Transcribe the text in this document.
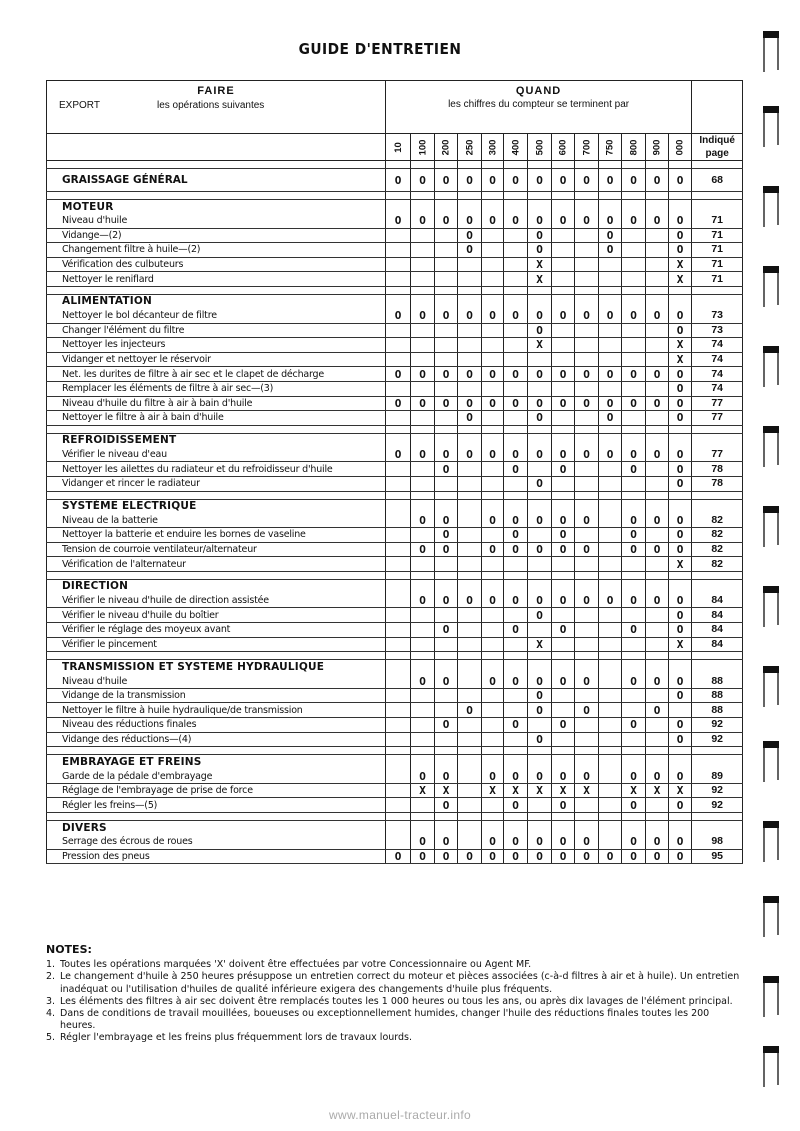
GUIDE D'ENTRETIEN
FAIRE
EXPORT les opérations suivantes	QUAND
les chiffres du compteur se terminent par													

	10	100	200	250	300	400	500	600	700	750	800	900	000	Indiqué
page

GRAISSAGE GÉNÉRAL	O	O	O	O	O	O	O	O	O	O	O	O	O	68

MOTEUR														
Niveau d'huile	O	O	O	O	O	O	O	O	O	O	O	O	O	71
Vidange—(2)				O			O			O			O	71
Changement filtre à huile—(2)				O			O			O			O	71
Vérification des culbuteurs							X						X	71
Nettoyer le reniflard							X						X	71

ALIMENTATION														
Nettoyer le bol décanteur de filtre	O	O	O	O	O	O	O	O	O	O	O	O	O	73
Changer l'élément du filtre							O						O	73
Nettoyer les injecteurs							X						X	74
Vidanger et nettoyer le réservoir													X	74
Net. les durites de filtre à air sec et le clapet de décharge	O	O	O	O	O	O	O	O	O	O	O	O	O	74
Remplacer les éléments de filtre à air sec—(3)													O	74
Niveau d'huile du filtre à air à bain d'huile	O	O	O	O	O	O	O	O	O	O	O	O	O	77
Nettoyer le filtre à air à bain d'huile				O			O			O			O	77

REFROIDISSEMENT														
Vérifier le niveau d'eau	O	O	O	O	O	O	O	O	O	O	O	O	O	77
Nettoyer les ailettes du radiateur et du refroidisseur d'huile			O			O		O			O		O	78
Vidanger et rincer le radiateur							O						O	78

SYSTÈME ELECTRIQUE														
Niveau de la batterie		O	O		O	O	O	O	O		O	O	O	82
Nettoyer la batterie et enduire les bornes de vaseline			O			O		O			O		O	82
Tension de courroie ventilateur/alternateur		O	O		O	O	O	O	O		O	O	O	82
Vérification de l'alternateur													X	82

DIRECTION														
Vérifier le niveau d'huile de direction assistée		O	O	O	O	O	O	O	O	O	O	O	O	84
Vérifier le niveau d'huile du boîtier							O						O	84
Vérifier le réglage des moyeux avant			O			O		O			O		O	84
Vérifier le pincement							X						X	84

TRANSMISSION ET SYSTEME HYDRAULIQUE														
Niveau d'huile		O	O		O	O	O	O	O		O	O	O	88
Vidange de la transmission							O						O	88
Nettoyer le filtre à huile hydraulique/de transmission				O			O		O			O		88
Niveau des réductions finales			O			O		O			O		O	92
Vidange des réductions—(4)							O						O	92

EMBRAYAGE ET FREINS														
Garde de la pédale d'embrayage		O	O		O	O	O	O	O		O	O	O	89
Réglage de l'embrayage de prise de force		X	X		X	X	X	X	X		X	X	X	92
Régler les freins—(5)			O			O		O			O		O	92

DIVERS														
Serrage des écrous de roues		O	O		O	O	O	O	O		O	O	O	98
Pression des pneus	O	O	O	O	O	O	O	O	O	O	O	O	O	95
NOTES:
1. Toutes les opérations marquées 'X' doivent être effectuées par votre Concessionnaire ou Agent MF.
2. Le changement d'huile à 250 heures présuppose un entretien correct du moteur et pièces associées (c-à-d filtres à air et à huile). Un entretien inadéquat ou l'utilisation d'huiles de qualité inférieure exigera des changements d'huile plus fréquents.
3. Les éléments des filtres à air sec doivent être remplacés toutes les 1 000 heures ou tous les ans, ou après dix lavages de l'élément principal.
4. Dans de conditions de travail mouillées, boueuses ou exceptionnellement humides, changer l'huile des réductions finales toutes les 200 heures.
5. Régler l'embrayage et les freins plus fréquemment lors de travaux lourds.
www.manuel-tracteur.info
